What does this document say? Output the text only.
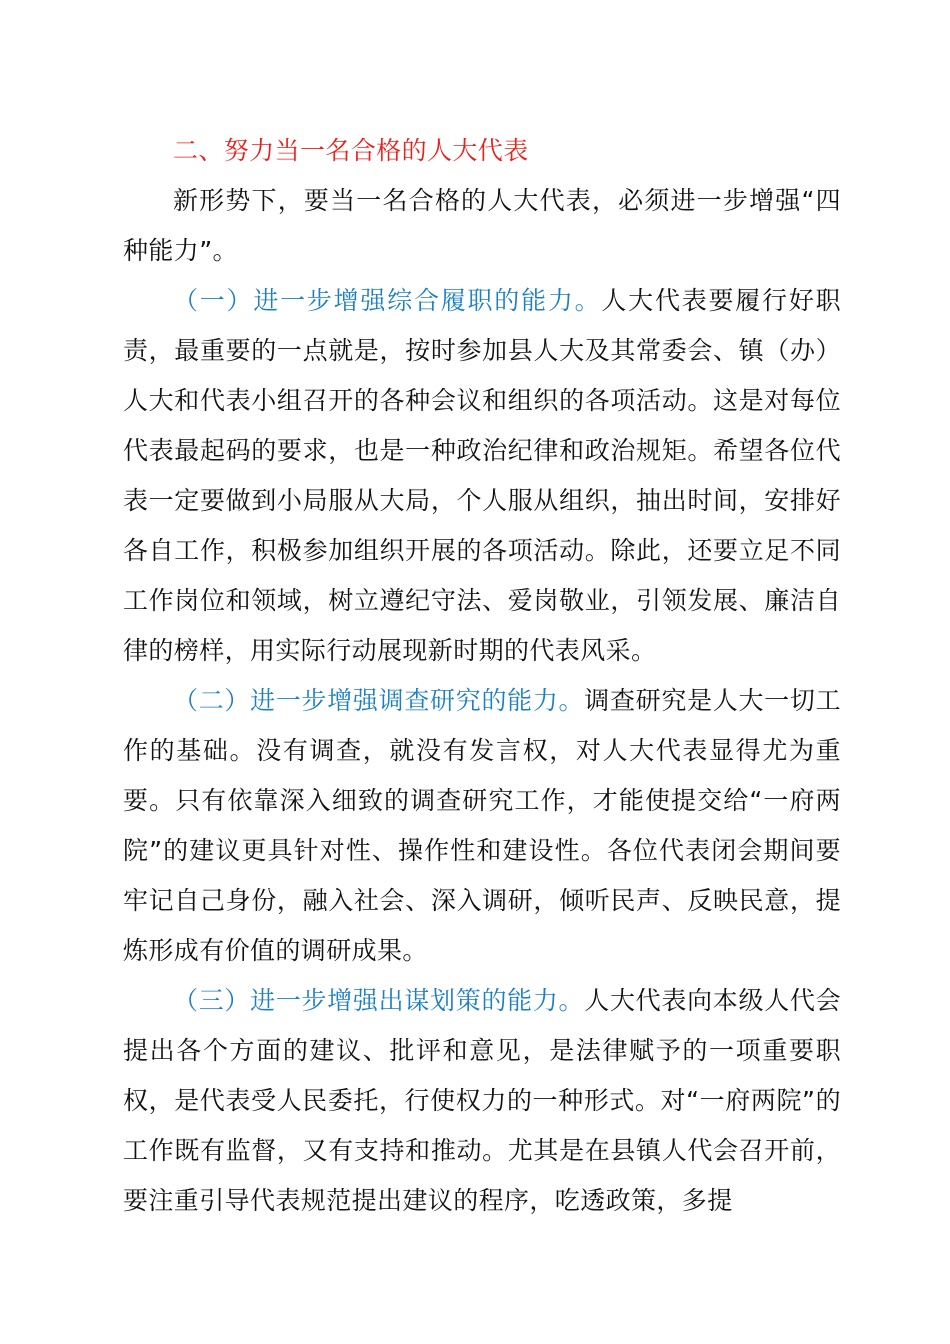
二、努力当一名合格的人大代表

新形势下，要当一名合格的人大代表，必须进一步增强“四种能力”。

（一）进一步增强综合履职的能力。人大代表要履行好职责，最重要的一点就是，按时参加县人大及其常委会、镇（办）人大和代表小组召开的各种会议和组织的各项活动。这是对每位代表最起码的要求，也是一种政治纪律和政治规矩。希望各位代表一定要做到小局服从大局，个人服从组织，抽出时间，安排好各自工作，积极参加组织开展的各项活动。除此，还要立足不同工作岗位和领域，树立遵纪守法、爱岗敬业，引领发展、廉洁自律的榜样，用实际行动展现新时期的代表风采。

（二）进一步增强调查研究的能力。调查研究是人大一切工作的基础。没有调查，就没有发言权，对人大代表显得尤为重要。只有依靠深入细致的调查研究工作，才能使提交给“一府两院”的建议更具针对性、操作性和建设性。各位代表闭会期间要牢记自己身份，融入社会、深入调研，倾听民声、反映民意，提炼形成有价值的调研成果。

（三）进一步增强出谋划策的能力。人大代表向本级人代会提出各个方面的建议、批评和意见，是法律赋予的一项重要职权，是代表受人民委托，行使权力的一种形式。对“一府两院”的工作既有监督，又有支持和推动。尤其是在县镇人代会召开前，要注重引导代表规范提出建议的程序，吃透政策，多提
